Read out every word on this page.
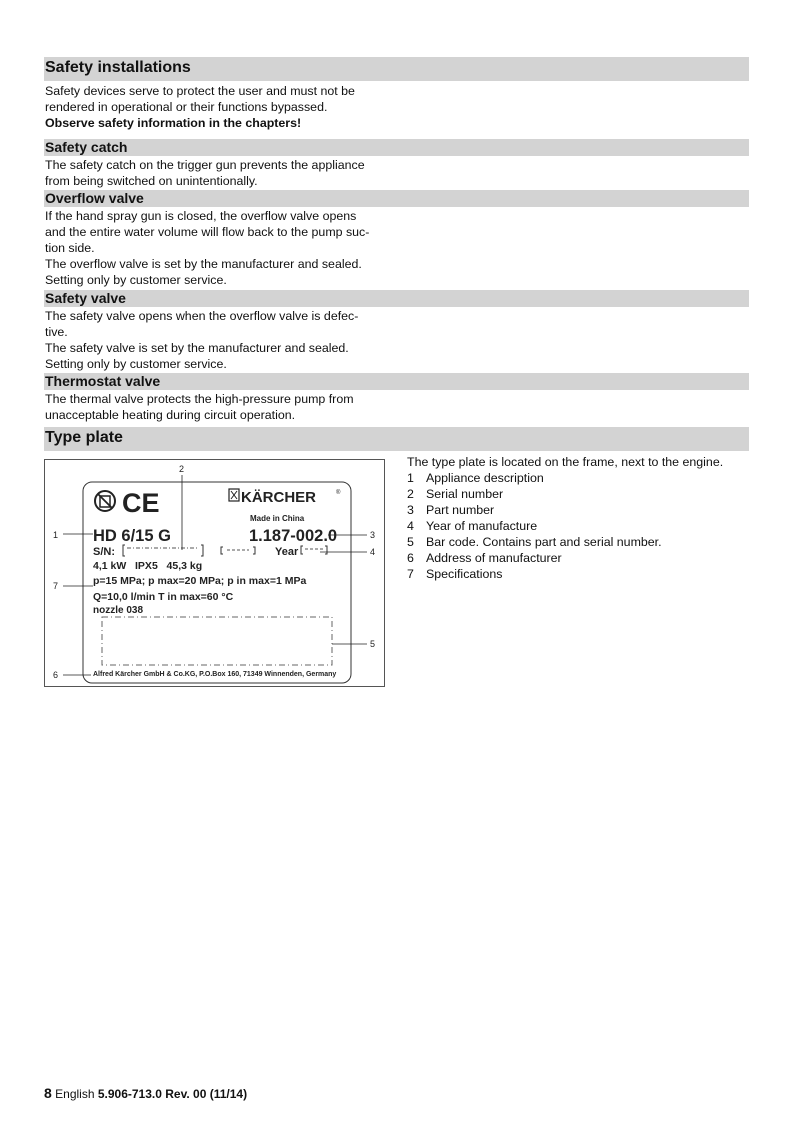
Safety installations
Safety devices serve to protect the user and must not be
rendered in operational or their functions bypassed.
Observe safety information in the chapters!
Safety catch
The safety catch on the trigger gun prevents the appliance
from being switched on unintentionally.
Overflow valve
If the hand spray gun is closed, the overflow valve opens
and the entire water volume will flow back to the pump suc-
tion side.
The overflow valve is set by the manufacturer and sealed.
Setting only by customer service.
Safety valve
The safety valve opens when the overflow valve is defec-
tive.
The safety valve is set by the manufacturer and sealed.
Setting only by customer service.
Thermostat valve
The thermal valve protects the high-pressure pump from
unacceptable heating during circuit operation.
Type plate
CE	KÄRCHER	®
Made in China
HD 6/15 G	1.187-002.0
S/N:	Year
4,1 kW   IPX5   45,3 kg
p=15 MPa; p max=20 MPa; p in max=1 MPa
Q=10,0 l/min T in max=60 °C
nozzle 038
Alfred Kärcher GmbH & Co.KG, P.O.Box 160, 71349 Winnenden, Germany
1
2
3
4
5
6
7
The type plate is located on the frame, next to the engine.
1 Appliance description
2 Serial number
3 Part number
4 Year of manufacture
5 Bar code. Contains part and serial number.
6 Address of manufacturer
7 Specifications
8 English 5.906-713.0 Rev. 00 (11/14)
